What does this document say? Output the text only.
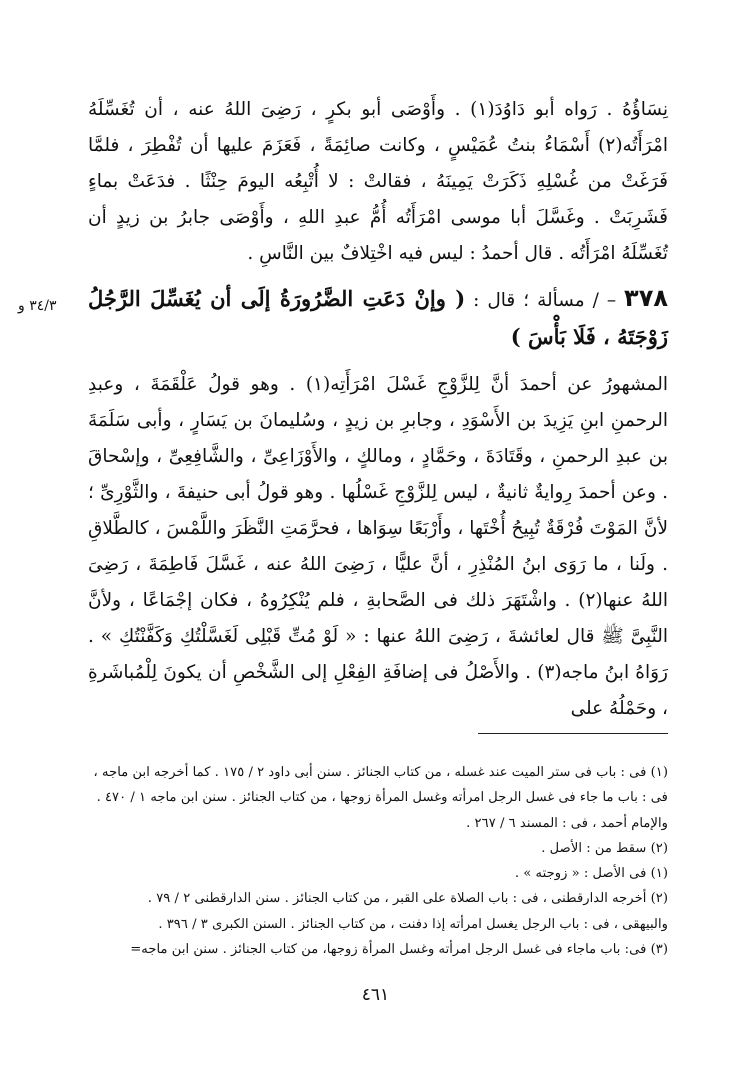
نِسَاؤُهُ . رَواه أبو دَاوُدَ(١) . وأَوْصَى أبو بكرٍ ، رَضِىَ اللهُ عنه ، أن تُغَسِّلَهُ امْرَأَتُه(٢) أَسْمَاءُ بنتُ عُمَيْسٍ ، وكانت صائِمَةً ، فَعَزَمَ عليها أن تُفْطِرَ ، فلمَّا فَرَغَتْ من غُسْلِهِ ذَكَرَتْ يَمِينَهُ ، فقالتْ : لا أُتْبِعُه اليومَ حِنْثًا . فدَعَتْ بماءٍ فَشَرِبَتْ . وغَسَّلَ أبا موسى امْرَأَتُه أُمُّ عبدِ اللهِ ، وأَوْصَى جابرُ بن زيدٍ أن تُغَسِّلَهُ امْرَأَتُه . قال أحمدُ : ليس فيه اخْتِلافٌ بين النَّاسِ .

٣٧٨ – / مسألة ؛ قال : ( وإنْ دَعَتِ الضَّرُورَةُ إلَى أن يُغَسِّلَ الرَّجُلُ زَوْجَتَهُ ، فَلَا بَأْسَ )

المشهورُ عن أحمدَ أنَّ لِلزَّوْجِ غَسْلَ امْرَأَتِه(١) . وهو قولُ عَلْقَمَةَ ، وعبدِ الرحمنِ ابنِ يَزِيدَ بن الأَسْوَدِ ، وجابرِ بن زيدٍ ، وسُليمانَ بن يَسَارٍ ، وأبى سَلَمَةَ بن عبدِ الرحمنِ ، وقَتَادَةَ ، وحَمَّادٍ ، ومالكٍ ، والأَوْزَاعِىِّ ، والشَّافِعِىِّ ، وإسْحاقَ . وعن أحمدَ رِوايةٌ ثانيةٌ ، ليس لِلزَّوْجِ غَسْلُها . وهو قولُ أبى حنيفةَ ، والثَّوْرِىِّ ؛ لأنَّ المَوْتَ فُرْقَةٌ تُبِيحُ أُخْتَها ، وأَرْبَعًا سِوَاها ، فحرَّمَتِ النَّظَرَ واللَّمْسَ ، كالطَّلاقِ . ولَنا ، ما رَوَى ابنُ المُنْذِرِ ، أنَّ عليًّا ، رَضِىَ اللهُ عنه ، غَسَّلَ فَاطِمَةَ ، رَضِىَ اللهُ عنها(٢) . واشْتَهَرَ ذلك فى الصَّحابةِ ، فلم يُنْكِرُوهُ ، فكان إجْمَاعًا ، ولأنَّ النَّبِىَّ ﷺ قال لعائشةَ ، رَضِىَ اللهُ عنها : « لَوْ مُتِّ قَبْلِى لَغَسَّلْتُكِ وَكَفَّنْتُكِ » . رَوَاهُ ابنُ ماجه(٣) . والأَصْلُ فى إضافَةِ الفِعْلِ إلى الشَّخْصِ أن يكونَ لِلْمُباشَرةِ ، وحَمْلُهُ على

٣٤/٣ و
(١) فى : باب فى ستر الميت عند غسله ، من كتاب الجنائز . سنن أبى داود ٢ / ١٧٥ . كما أخرجه ابن ماجه ،
فى : باب ما جاء فى غسل الرجل امرأته وغسل المرأة زوجها ، من كتاب الجنائز . سنن ابن ماجه ١ / ٤٧٠ .
والإمام أحمد ، فى : المسند ٦ / ٢٦٧ .
(٢) سقط من : الأصل .
(١) فى الأصل : « زوجته » .
(٢) أخرجه الدارقطنى ، فى : باب الصلاة على القبر ، من كتاب الجنائز . سنن الدارقطنى ٢ / ٧٩ .
والبيهقى ، فى : باب الرجل يغسل امرأته إذا دفنت ، من كتاب الجنائز . السنن الكبرى ٣ / ٣٩٦ .
(٣) فى: باب ماجاء فى غسل الرجل امرأته وغسل المرأة زوجها، من كتاب الجنائز . سنن ابن ماجه=
٤٦١
